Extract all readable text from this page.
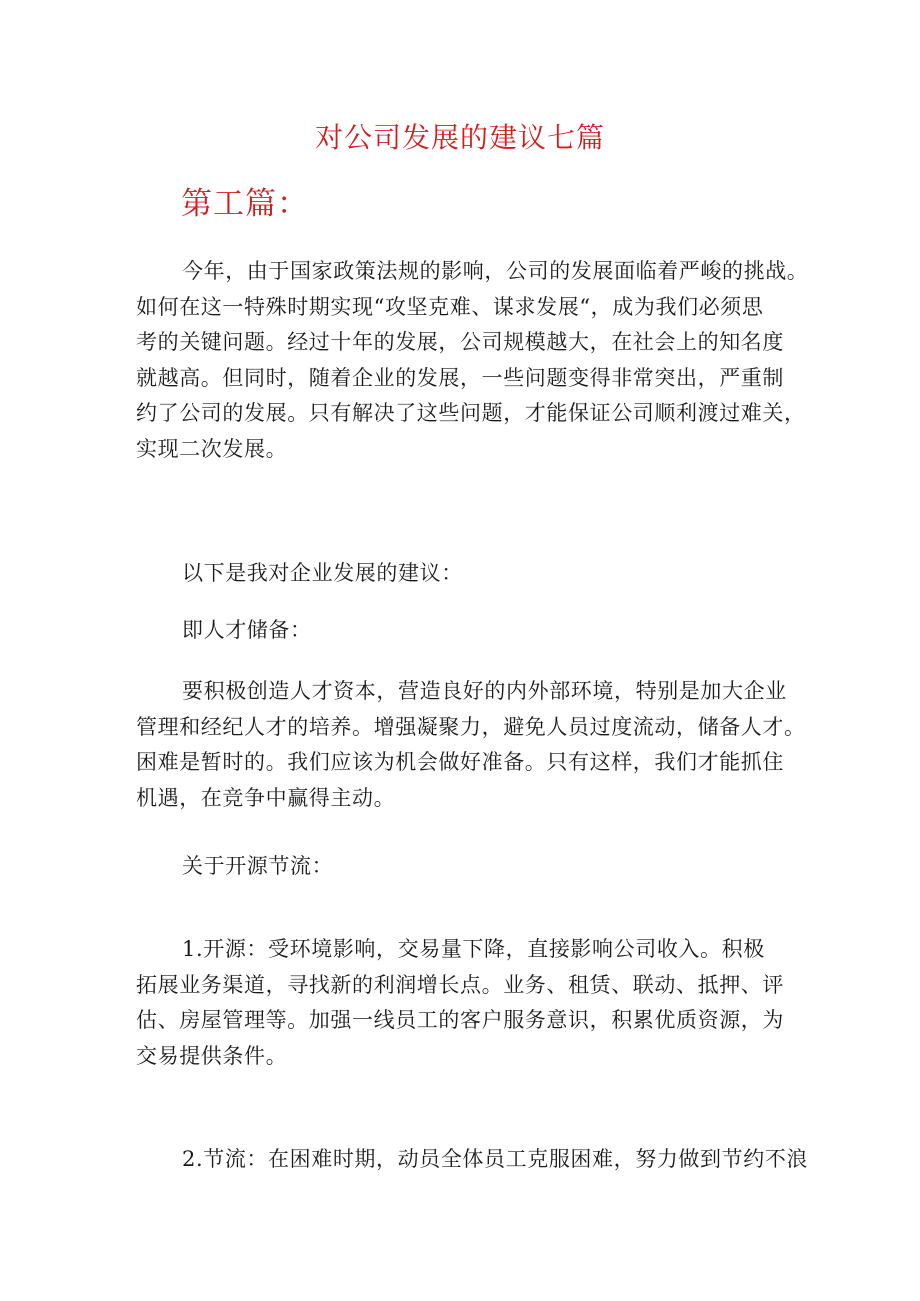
对公司发展的建议七篇
第工篇：
今年，由于国家政策法规的影响，公司的发展面临着严峻的挑战。
如何在这一特殊时期实现“攻坚克难、谋求发展“，成为我们必须思
考的关键问题。经过十年的发展，公司规模越大，在社会上的知名度
就越高。但同时，随着企业的发展，一些问题变得非常突出，严重制
约了公司的发展。只有解决了这些问题，才能保证公司顺利渡过难关，
实现二次发展。
以下是我对企业发展的建议：
即人才储备：
要积极创造人才资本，营造良好的内外部环境，特别是加大企业
管理和经纪人才的培养。增强凝聚力，避免人员过度流动，储备人才。
困难是暂时的。我们应该为机会做好准备。只有这样，我们才能抓住
机遇，在竞争中赢得主动。
关于开源节流：
1.开源：受环境影响，交易量下降，直接影响公司收入。积极
拓展业务渠道，寻找新的利润增长点。业务、租赁、联动、抵押、评
估、房屋管理等。加强一线员工的客户服务意识，积累优质资源，为
交易提供条件。
2.节流：在困难时期，动员全体员工克服困难，努力做到节约不浪
